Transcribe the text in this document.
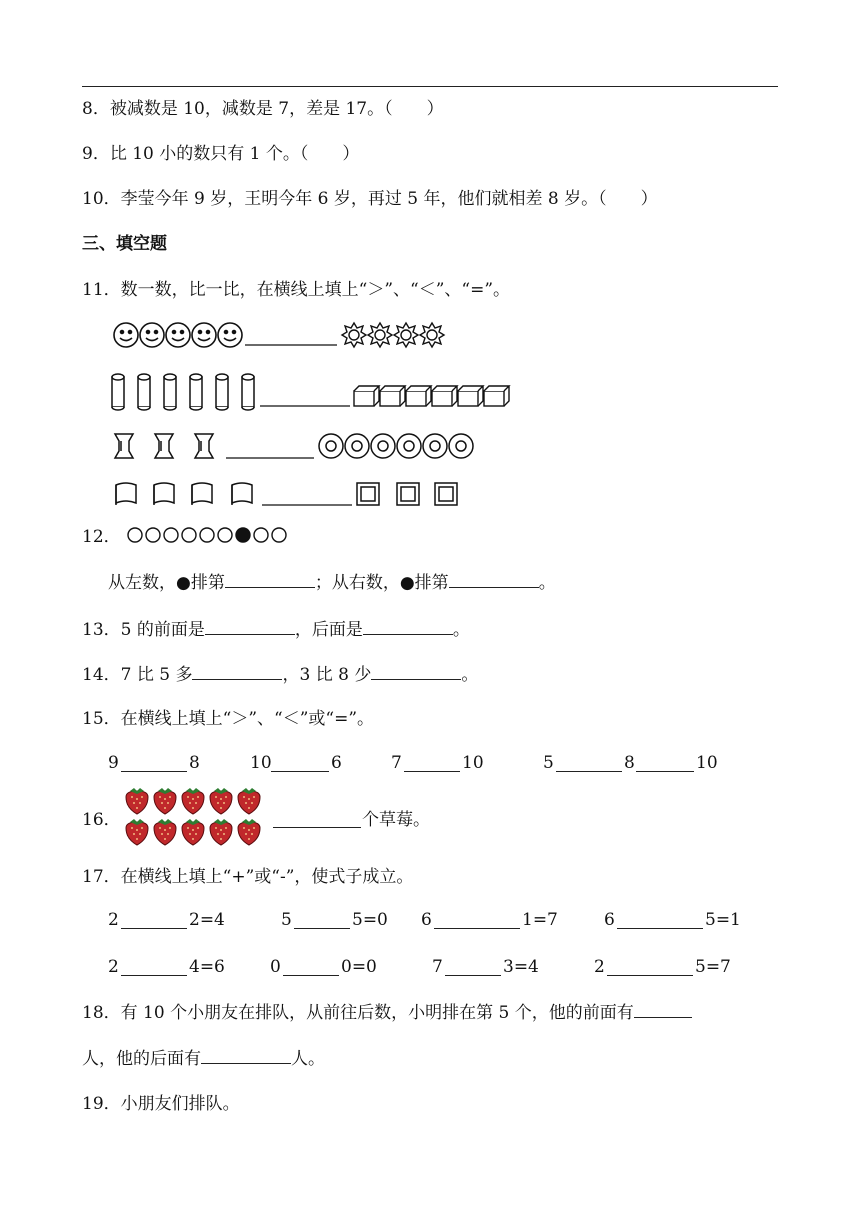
8．被减数是 10，减数是 7，差是 17。（　　）
9．比 10 小的数只有 1 个。（　　）
10．李莹今年 9 岁，王明今年 6 岁，再过 5 年，他们就相差 8 岁。（　　）
三、填空题
11．数一数，比一比，在横线上填上“＞”、“＜”、“=”。
12．
从左数，●排第	；从右数，●排第	。
13．5 的前面是	，后面是	。
14．7 比 5 多	，3 比 8 少	。
15．在横线上填上“＞”、“＜”或“=”。
9	8	10	6	7	10	5	8	10
16．	个草莓。
17．在横线上填上“+”或“-”，使式子成立。
2	2=4	5	5=0 6	1=7	6	5=1
2	4=6	0	0=0	7	3=4	2	5=7
18．有 10 个小朋友在排队，从前往后数，小明排在第 5 个，他的前面有
人，他的后面有	人。
19．小朋友们排队。
